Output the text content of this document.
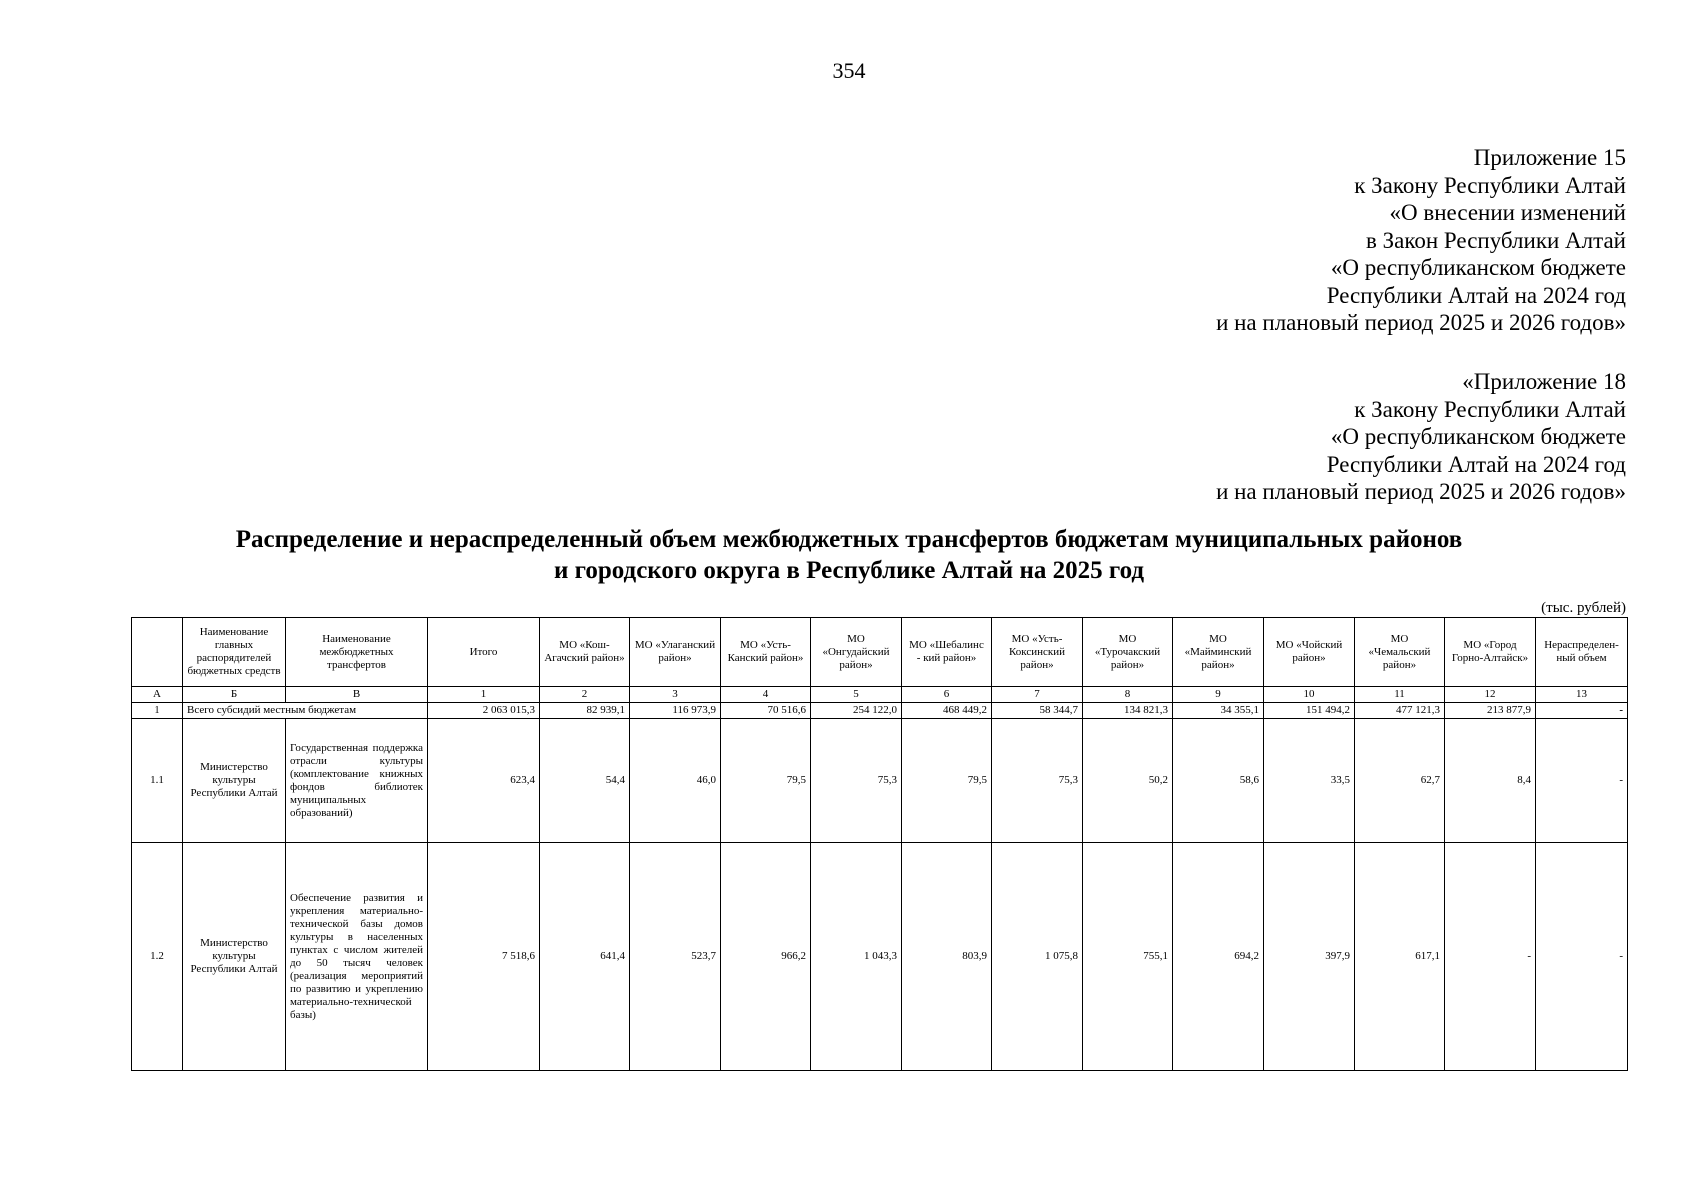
354
Приложение 15
к Закону Республики Алтай
«О внесении изменений
в Закон Республики Алтай
«О республиканском бюджете
Республики Алтай на 2024 год
и на плановый период 2025 и 2026 годов»
«Приложение 18
к Закону Республики Алтай
«О республиканском бюджете
Республики Алтай на 2024 год
и на плановый период 2025 и 2026 годов»
Распределение и нераспределенный объем межбюджетных трансфертов бюджетам муниципальных районов
и городского округа в Республике Алтай на 2025 год
(тыс. рублей)
	Наименование главных распорядителей бюджетных средств	Наименование межбюджетных трансфертов	Итого	МО «Кош-Агачский район»	МО «Улаганский район»	МО «Усть-Канский район»	МО «Онгудайский район»	МО «Шебалинс - кий район»	МО «Усть-Коксинский район»	МО «Турочакский район»	МО «Майминский район»	МО «Чойский район»	МО «Чемальский район»	МО «Город Горно-Алтайск»	Нераспределен-ный объем
А	Б	В	1	2	3	4	5	6	7	8	9	10	11	12	13
1	Всего субсидий местным бюджетам		2 063 015,3	82 939,1	116 973,9	70 516,6	254 122,0	468 449,2	58 344,7	134 821,3	34 355,1	151 494,2	477 121,3	213 877,9	-
1.1	Министерство культуры Республики Алтай	Государственная поддержка отрасли культуры (комплектование книжных фондов библиотек муниципальных образований)	623,4	54,4	46,0	79,5	75,3	79,5	75,3	50,2	58,6	33,5	62,7	8,4	-
1.2	Министерство культуры Республики Алтай	Обеспечение развития и укрепления материально-технической базы домов культуры в населенных пунктах с числом жителей до 50 тысяч человек (реализация мероприятий по развитию и укреплению материально-технической базы)	7 518,6	641,4	523,7	966,2	1 043,3	803,9	1 075,8	755,1	694,2	397,9	617,1	-	-
